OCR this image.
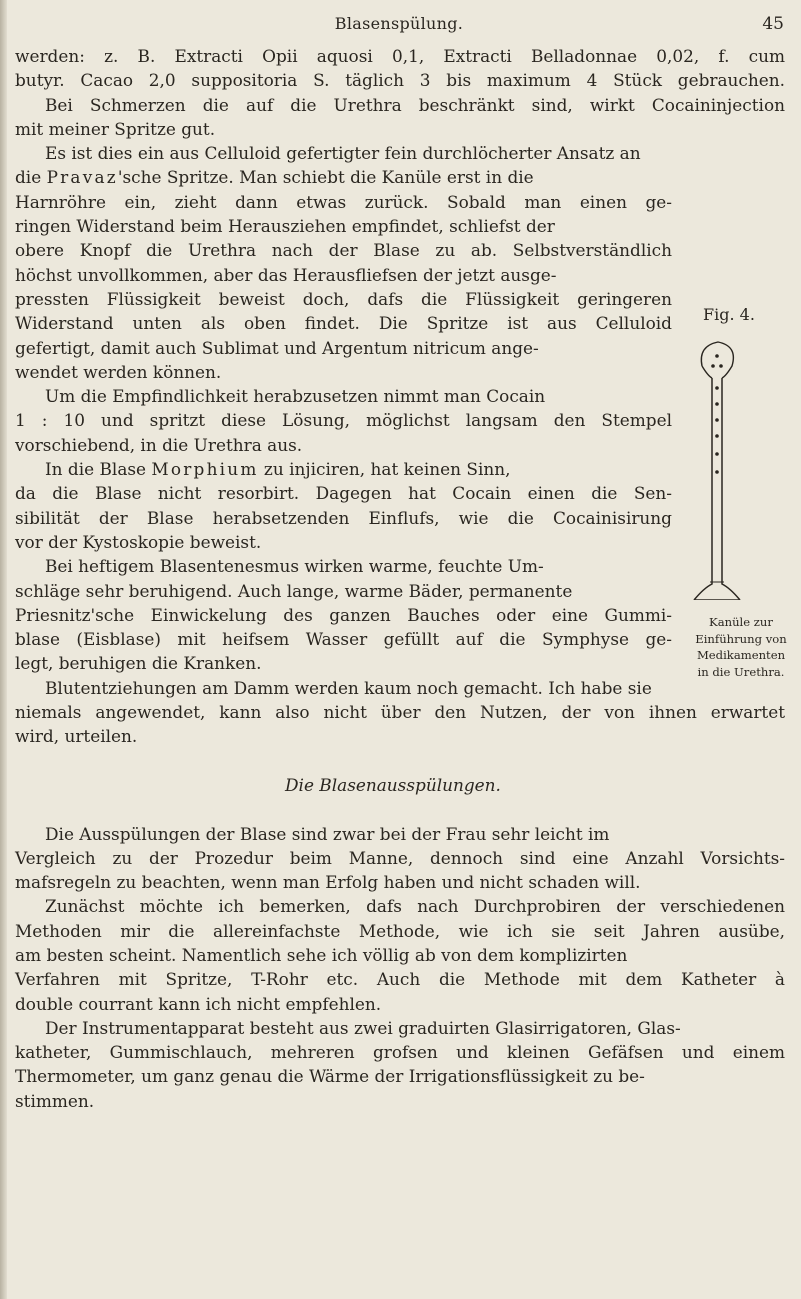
Blasenspülung.	45
werden: z. B. Extracti Opii aquosi 0,1, Extracti Belladonnae 0,02, f. cum
butyr. Cacao 2,0 suppositoria S. täglich 3 bis maximum 4 Stück gebrauchen.
Bei Schmerzen die auf die Urethra beschränkt sind, wirkt Cocaininjection
mit meiner Spritze gut.
Es ist dies ein aus Celluloid gefertigter fein durchlöcherter Ansatz an
die Pravaz'sche Spritze. Man schiebt die Kanüle erst in die
Harnröhre ein, zieht dann etwas zurück. Sobald man einen ge-
ringen Widerstand beim Herausziehen empfindet, schliefst der
obere Knopf die Urethra nach der Blase zu ab. Selbstverständlich
höchst unvollkommen, aber das Herausfliefsen der jetzt ausge-
pressten Flüssigkeit beweist doch, dafs die Flüssigkeit geringeren
Widerstand unten als oben findet. Die Spritze ist aus Celluloid
gefertigt, damit auch Sublimat und Argentum nitricum ange-
wendet werden können.
Um die Empfindlichkeit herabzusetzen nimmt man Cocain
1 : 10 und spritzt diese Lösung, möglichst langsam den Stempel
vorschiebend, in die Urethra aus.
In die Blase Morphium zu injiciren, hat keinen Sinn,
da die Blase nicht resorbirt. Dagegen hat Cocain einen die Sen-
sibilität der Blase herabsetzenden Einflufs, wie die Cocainisirung
vor der Kystoskopie beweist.
Bei heftigem Blasentenesmus wirken warme, feuchte Um-
schläge sehr beruhigend. Auch lange, warme Bäder, permanente
Priesnitz'sche Einwickelung des ganzen Bauches oder eine Gummi-
blase (Eisblase) mit heifsem Wasser gefüllt auf die Symphyse ge-
legt, beruhigen die Kranken.
Blutentziehungen am Damm werden kaum noch gemacht. Ich habe sie
niemals angewendet, kann also nicht über den Nutzen, der von ihnen erwartet
wird, urteilen.
Die Blasenausspülungen.
Die Ausspülungen der Blase sind zwar bei der Frau sehr leicht im
Vergleich zu der Prozedur beim Manne, dennoch sind eine Anzahl Vorsichts-
mafsregeln zu beachten, wenn man Erfolg haben und nicht schaden will.
Zunächst möchte ich bemerken, dafs nach Durchprobiren der verschiedenen
Methoden mir die allereinfachste Methode, wie ich sie seit Jahren ausübe,
am besten scheint. Namentlich sehe ich völlig ab von dem komplizirten
Verfahren mit Spritze, T-Rohr etc. Auch die Methode mit dem Katheter à
double courrant kann ich nicht empfehlen.
Der Instrumentapparat besteht aus zwei graduirten Glasirrigatoren, Glas-
katheter, Gummischlauch, mehreren grofsen und kleinen Gefäfsen und einem
Thermometer, um ganz genau die Wärme der Irrigationsflüssigkeit zu be-
stimmen.
Fig. 4.
Kanüle zur
Einführung von
Medikamenten
in die Urethra.
